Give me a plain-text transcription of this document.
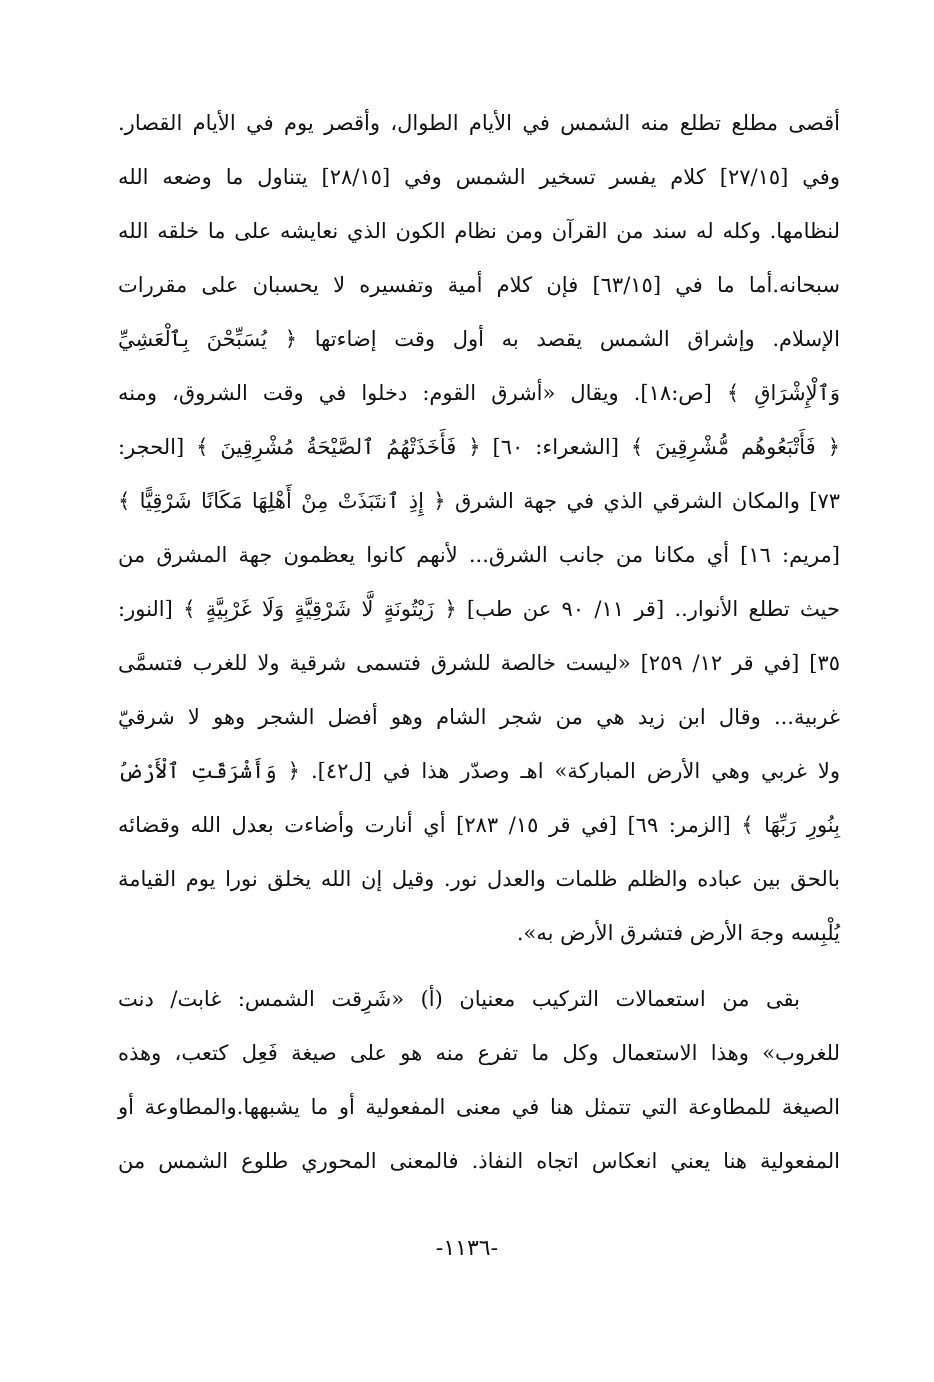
أقصى مطلع تطلع منه الشمس في الأيام الطوال، وأقصر يوم في الأيام القصار.
وفي [٢٧/١٥] كلام يفسر تسخير الشمس وفي [٢٨/١٥] يتناول ما وضعه الله
لنظامها. وكله له سند من القرآن ومن نظام الكون الذي نعايشه على ما خلقه الله
سبحانه.أما ما في [٦٣/١٥] فإن كلام أمية وتفسيره لا يحسبان على مقررات
الإسلام. وإشراق الشمس يقصد به أول وقت إضاءتها ﴿ يُسَبِّحْنَ بِٱلْعَشِيِّ
وَٱلْإِشْرَاقِ ﴾ [ص:١٨]. ويقال «أشرق القوم: دخلوا في وقت الشروق، ومنه
﴿ فَأَتْبَعُوهُم مُّشْرِقِينَ ﴾ [الشعراء: ٦٠] ﴿ فَأَخَذَتْهُمُ ٱلصَّيْحَةُ مُشْرِقِينَ ﴾ [الحجر:
٧٣] والمكان الشرقي الذي في جهة الشرق ﴿ إِذِ ٱنتَبَذَتْ مِنْ أَهْلِهَا مَكَانًا شَرْقِيًّا ﴾
[مريم: ١٦] أي مكانا من جانب الشرق... لأنهم كانوا يعظمون جهة المشرق من
حيث تطلع الأنوار.. [قر ١١/ ٩٠ عن طب] ﴿ زَيْتُونَةٍ لَّا شَرْقِيَّةٍ وَلَا غَرْبِيَّةٍ ﴾ [النور:
٣٥] [في قر ١٢/ ٢٥٩] «ليست خالصة للشرق فتسمى شرقية ولا للغرب فتسمَّى
غربية... وقال ابن زيد هي من شجر الشام وهو أفضل الشجر وهو لا شرقيّ
ولا غربي وهي الأرض المباركة» اهـ وصدّر هذا في [ل٤٢]. ﴿ وَأَشْرَقَتِ ٱلْأَرْضُ
بِنُورِ رَبِّهَا ﴾ [الزمر: ٦٩] [في قر ١٥/ ٢٨٣] أي أنارت وأضاءت بعدل الله وقضائه
بالحق بين عباده والظلم ظلمات والعدل نور. وقيل إن الله يخلق نورا يوم القيامة
يُلْبِسه وجهَ الأرض فتشرق الأرض به».

بقى من استعمالات التركيب معنيان (أ) «شَرِقت الشمس: غابت/ دنت
للغروب» وهذا الاستعمال وكل ما تفرع منه هو على صيغة فَعِل كتعب، وهذه
الصيغة للمطاوعة التي تتمثل هنا في معنى المفعولية أو ما يشبهها.والمطاوعة أو
المفعولية هنا يعني انعكاس اتجاه النفاذ. فالمعنى المحوري طلوع الشمس من

-١١٣٦-
